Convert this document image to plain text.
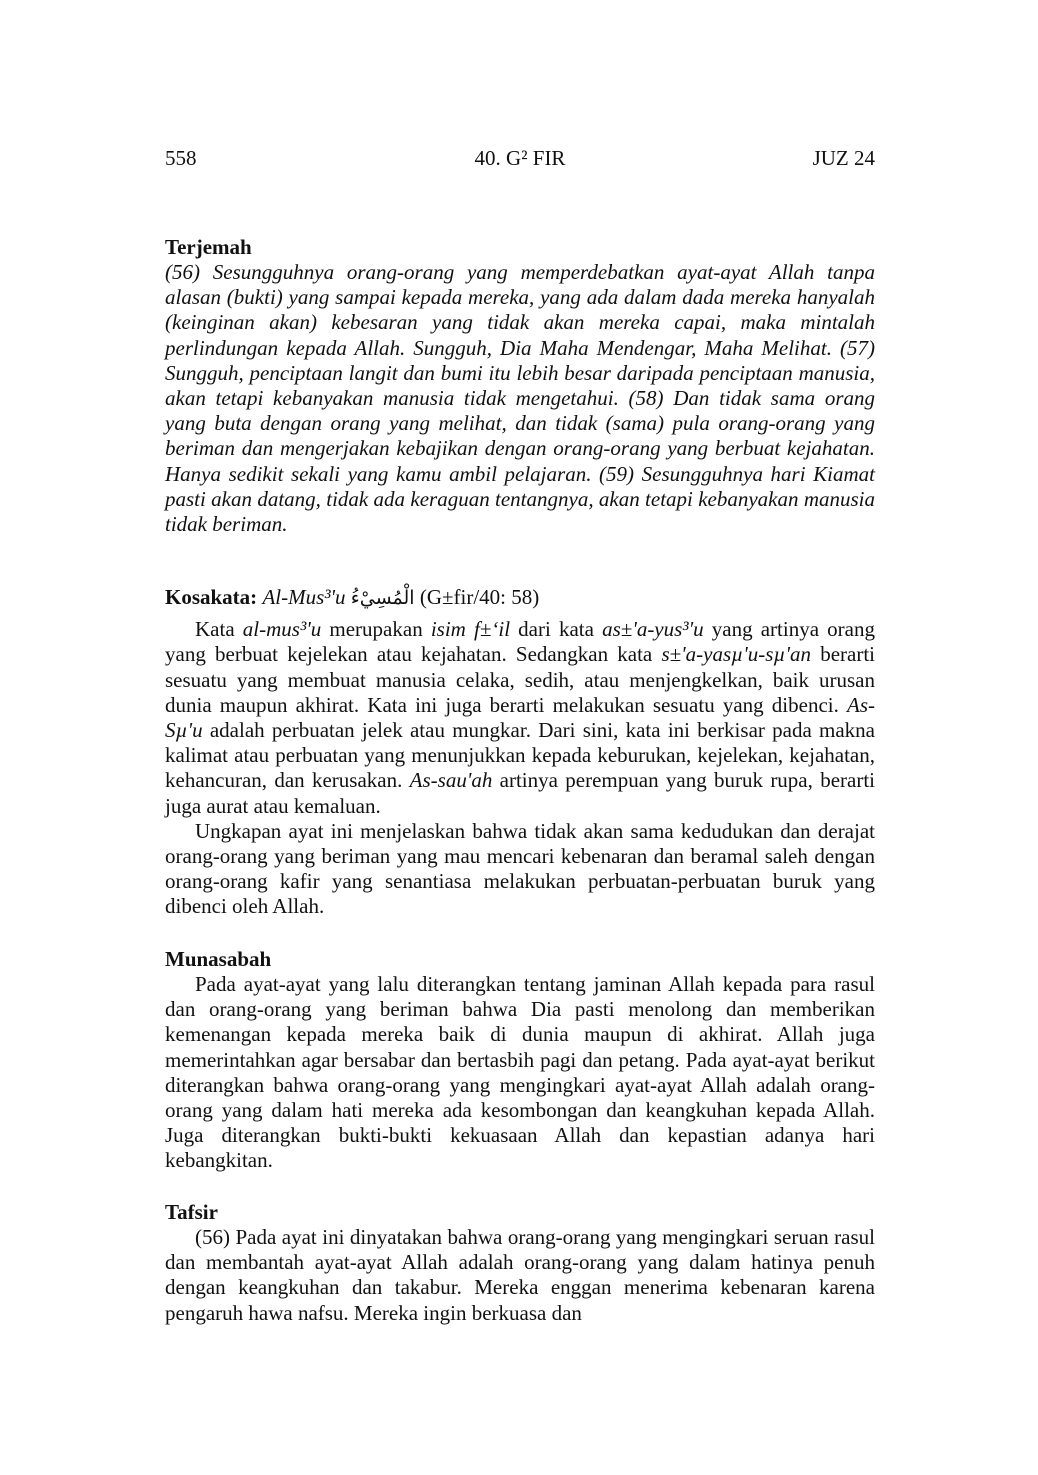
558	40. G² FIR	JUZ 24
Terjemah

(56) Sesungguhnya orang-orang yang memperdebatkan ayat-ayat Allah tanpa alasan (bukti) yang sampai kepada mereka, yang ada dalam dada mereka hanyalah (keinginan akan) kebesaran yang tidak akan mereka capai, maka mintalah perlindungan kepada Allah. Sungguh, Dia Maha Mendengar, Maha Melihat. (57) Sungguh, penciptaan langit dan bumi itu lebih besar daripada penciptaan manusia, akan tetapi kebanyakan manusia tidak mengetahui. (58) Dan tidak sama orang yang buta dengan orang yang melihat, dan tidak (sama) pula orang-orang yang beriman dan mengerjakan kebajikan dengan orang-orang yang berbuat kejahatan. Hanya sedikit sekali yang kamu ambil pelajaran. (59) Sesungguhnya hari Kiamat pasti akan datang, tidak ada keraguan tentangnya, akan tetapi kebanyakan manusia tidak beriman.

Kosakata: Al-Mus³'u الْمُسِيْءُ (G±fir/40: 58)

Kata al-mus³'u merupakan isim f±‘il dari kata as±'a-yus³'u yang artinya orang yang berbuat kejelekan atau kejahatan. Sedangkan kata s±'a-yasµ'u-sµ'an berarti sesuatu yang membuat manusia celaka, sedih, atau menjengkelkan, baik urusan dunia maupun akhirat. Kata ini juga berarti melakukan sesuatu yang dibenci. As-Sµ'u adalah perbuatan jelek atau mungkar. Dari sini, kata ini berkisar pada makna kalimat atau perbuatan yang menunjukkan kepada keburukan, kejelekan, kejahatan, kehancuran, dan kerusakan. As-sau'ah artinya perempuan yang buruk rupa, berarti juga aurat atau kemaluan.

Ungkapan ayat ini menjelaskan bahwa tidak akan sama kedudukan dan derajat orang-orang yang beriman yang mau mencari kebenaran dan beramal saleh dengan orang-orang kafir yang senantiasa melakukan perbuatan-perbuatan buruk yang dibenci oleh Allah.

Munasabah

Pada ayat-ayat yang lalu diterangkan tentang jaminan Allah kepada para rasul dan orang-orang yang beriman bahwa Dia pasti menolong dan memberikan kemenangan kepada mereka baik di dunia maupun di akhirat. Allah juga memerintahkan agar bersabar dan bertasbih pagi dan petang. Pada ayat-ayat berikut diterangkan bahwa orang-orang yang mengingkari ayat-ayat Allah adalah orang-orang yang dalam hati mereka ada kesombongan dan keangkuhan kepada Allah. Juga diterangkan bukti-bukti kekuasaan Allah dan kepastian adanya hari kebangkitan.

Tafsir

(56) Pada ayat ini dinyatakan bahwa orang-orang yang mengingkari seruan rasul dan membantah ayat-ayat Allah adalah orang-orang yang dalam hatinya penuh dengan keangkuhan dan takabur. Mereka enggan menerima kebenaran karena pengaruh hawa nafsu. Mereka ingin berkuasa dan
